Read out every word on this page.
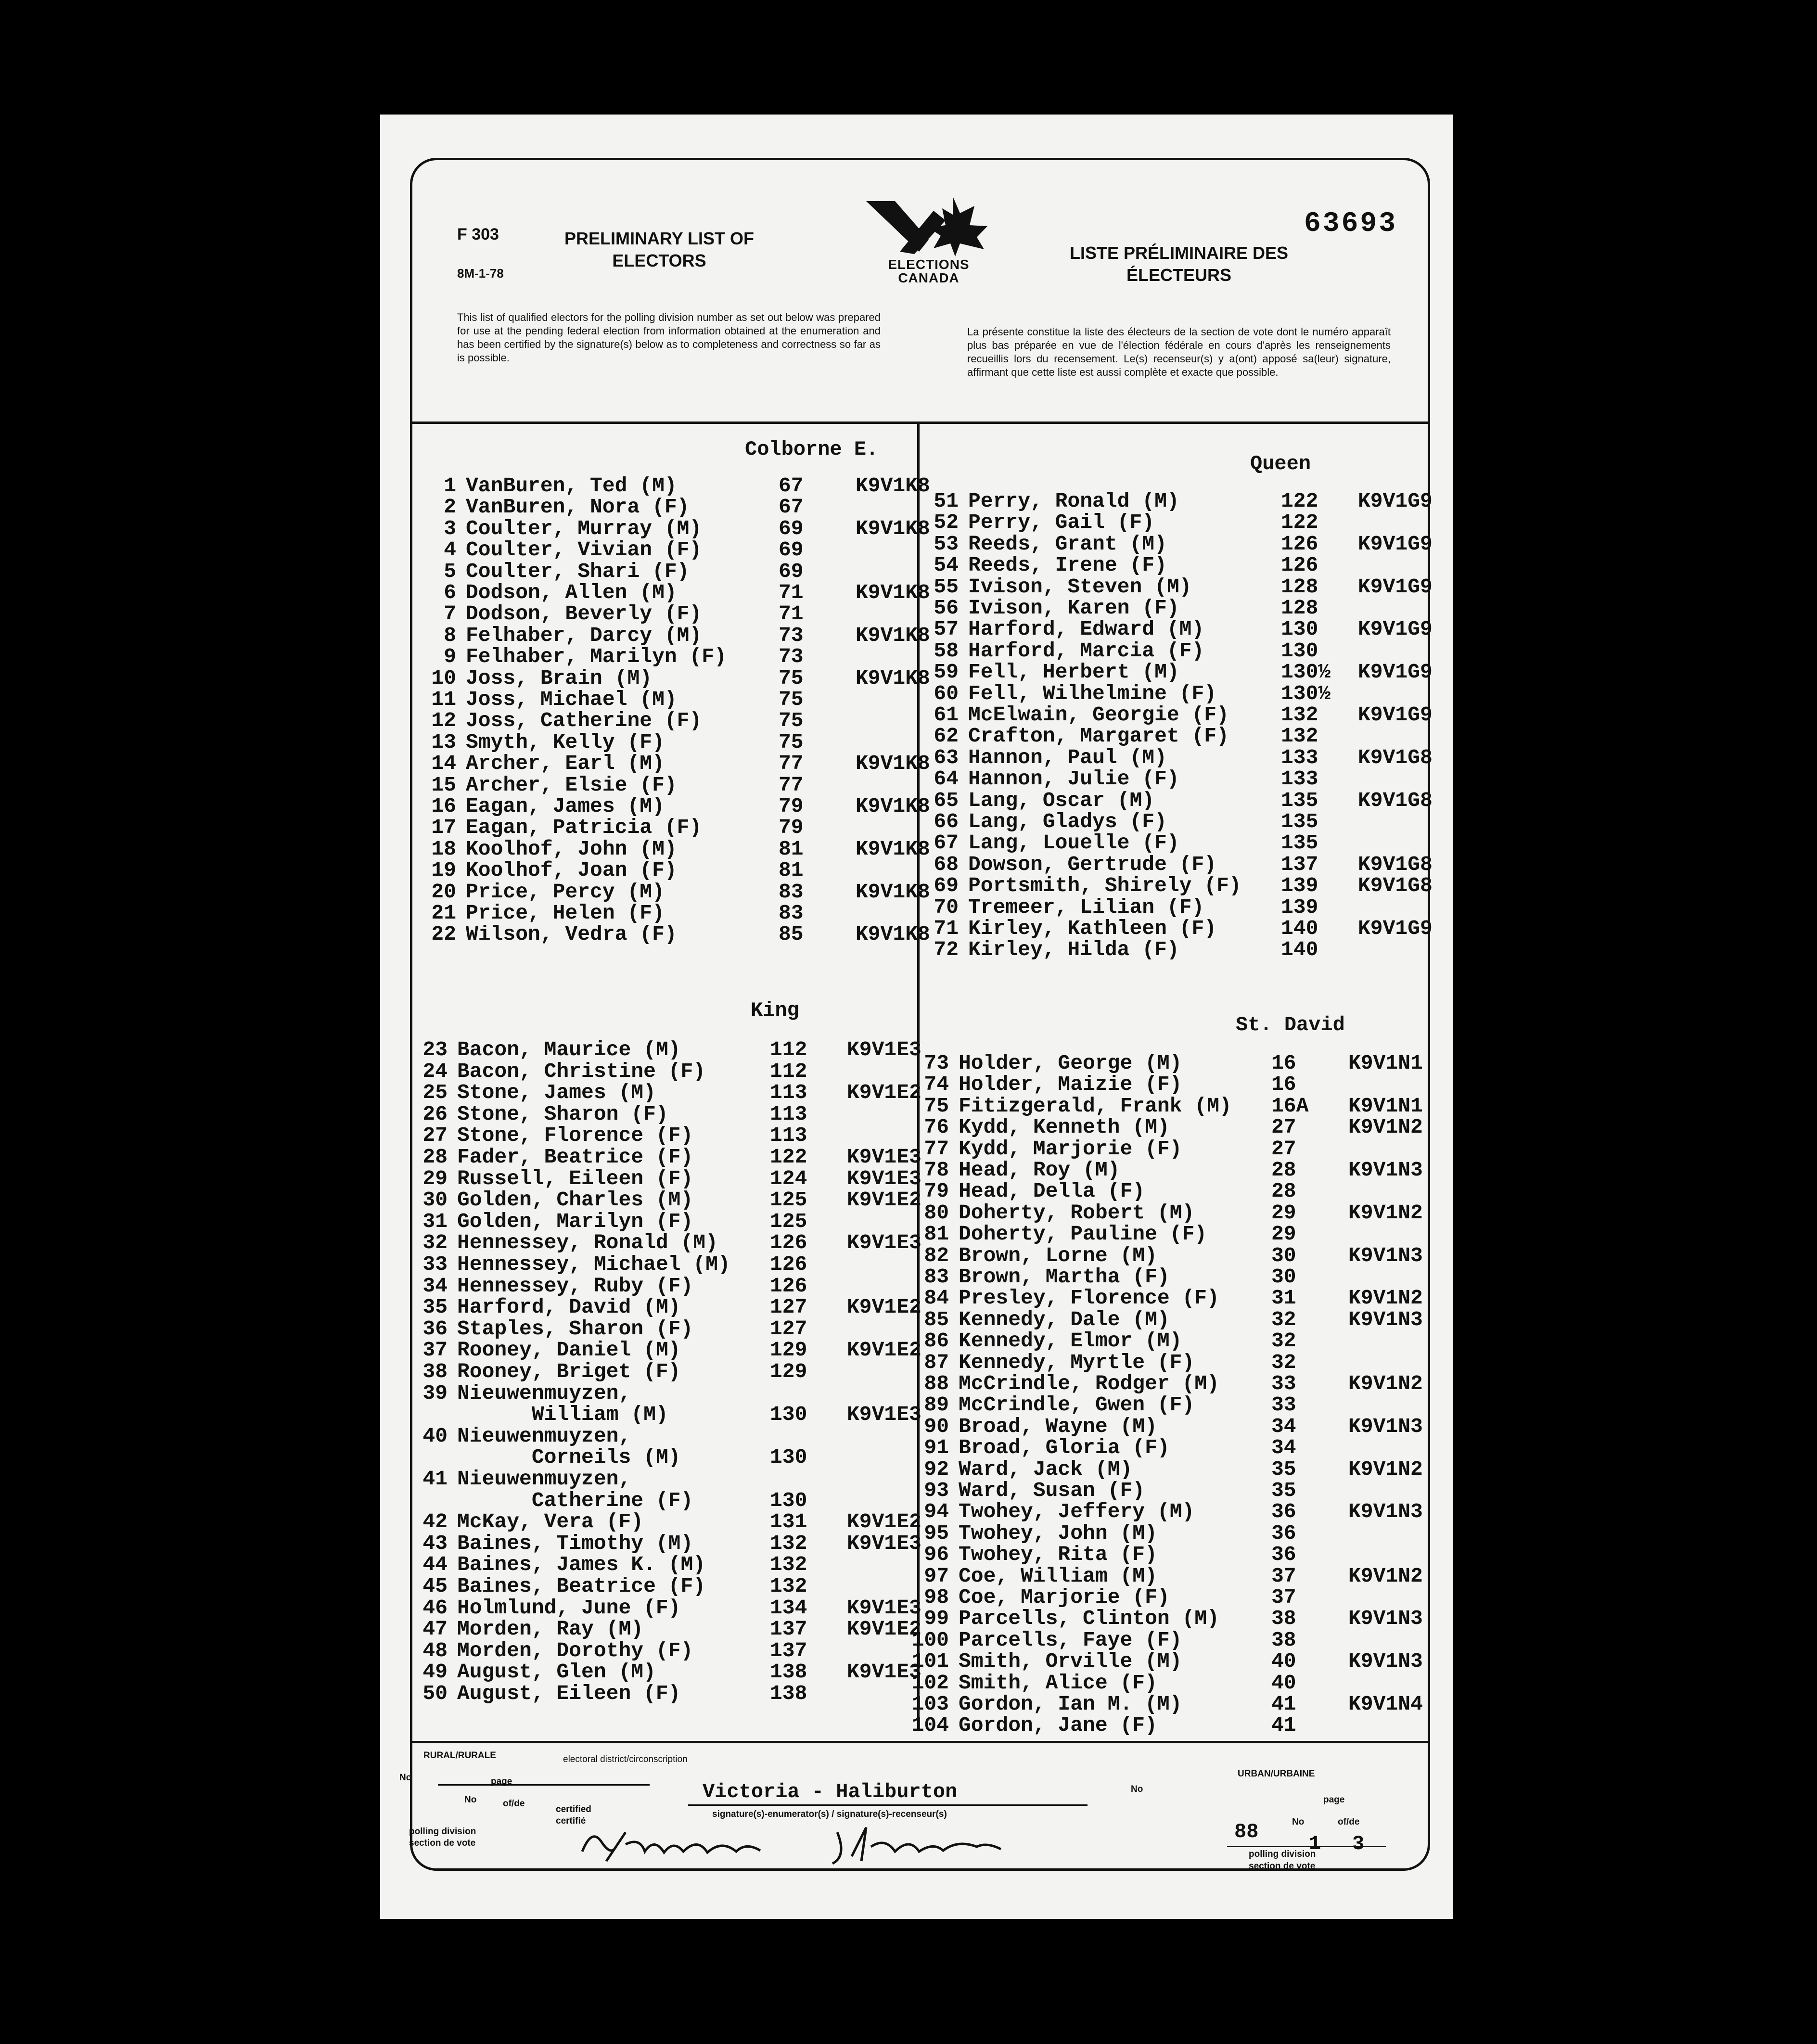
F 303
8M-1-78
PRELIMINARY LIST OF ELECTORS	ELECTIONS CANADA
LISTE PRÉLIMINAIRE DES ÉLECTEURS
63693
This list of qualified electors for the polling division number as set out below was prepared for use at the pending federal election from information obtained at the enumeration and has been certified by the signature(s) below as to completeness and correctness so far as is possible.
La présente constitue la liste des électeurs de la section de vote dont le numéro apparaît plus bas préparée en vue de l'élection fédérale en cours d'après les renseignements recueillis lors du recensement. Le(s) recenseur(s) y a(ont) apposé sa(leur) signature, affirmant que cette liste est aussi complète et exacte que possible.
Colborne E.
Queen
King
St. David
1 VanBuren, Ted (M)	67	K9V1K8
2 VanBuren, Nora (F)	67
3 Coulter, Murray (M)	69	K9V1K8
4 Coulter, Vivian (F)	69
5 Coulter, Shari (F)	69
6 Dodson, Allen (M)	71	K9V1K8
7 Dodson, Beverly (F)	71
8 Felhaber, Darcy (M)	73	K9V1K8
9 Felhaber, Marilyn (F)	73
10 Joss, Brain (M)	75	K9V1K8
11 Joss, Michael (M)	75
12 Joss, Catherine (F)	75
13 Smyth, Kelly (F)	75
14 Archer, Earl (M)	77	K9V1K8
15 Archer, Elsie (F)	77
16 Eagan, James (M)	79	K9V1K8
17 Eagan, Patricia (F)	79
18 Koolhof, John (M)	81	K9V1K8
19 Koolhof, Joan (F)	81
20 Price, Percy (M)	83	K9V1K8
21 Price, Helen (F)	83
22 Wilson, Vedra (F)	85	K9V1K8
23 Bacon, Maurice (M)	112 K9V1E3
24 Bacon, Christine (F)	112
25 Stone, James (M)	113 K9V1E2
26 Stone, Sharon (F)	113
27 Stone, Florence (F)	113
28 Fader, Beatrice (F)	122 K9V1E3
29 Russell, Eileen (F)	124 K9V1E3
30 Golden, Charles (M)	125 K9V1E2
31 Golden, Marilyn (F)	125
32 Hennessey, Ronald (M)	126 K9V1E3
33 Hennessey, Michael (M) 126
34 Hennessey, Ruby (F)	126
35 Harford, David (M)	127 K9V1E2
36 Staples, Sharon (F)	127
37 Rooney, Daniel (M)	129 K9V1E2
38 Rooney, Briget (F)	129
39 Nieuwenmuyzen,
William (M)	130 K9V1E3
40 Nieuwenmuyzen,
Corneils (M)	130
41 Nieuwenmuyzen,
Catherine (F)	130
42 McKay, Vera (F)	131 K9V1E2
43 Baines, Timothy (M)	132 K9V1E3
44 Baines, James K. (M)	132
45 Baines, Beatrice (F)	132
46 Holmlund, June (F)	134 K9V1E3
47 Morden, Ray (M)	137 K9V1E2
48 Morden, Dorothy (F)	137
49 August, Glen (M)	138 K9V1E3
50 August, Eileen (F)	138
51 Perry, Ronald (M)	122 K9V1G9
52 Perry, Gail (F)	122
53 Reeds, Grant (M)	126 K9V1G9
54 Reeds, Irene (F)	126
55 Ivison, Steven (M)	128 K9V1G9
56 Ivison, Karen (F)	128
57 Harford, Edward (M)	130 K9V1G9
58 Harford, Marcia (F)	130
59 Fell, Herbert (M)	130½ K9V1G9
60 Fell, Wilhelmine (F)	130½
61 McElwain, Georgie (F)	132 K9V1G9
62 Crafton, Margaret (F)	132
63 Hannon, Paul (M)	133 K9V1G8
64 Hannon, Julie (F)	133
65 Lang, Oscar (M)	135 K9V1G8
66 Lang, Gladys (F)	135
67 Lang, Louelle (F)	135
68 Dowson, Gertrude (F)	137 K9V1G8
69 Portsmith, Shirely (F) 139 K9V1G8
70 Tremeer, Lilian (F)	139
71 Kirley, Kathleen (F)	140 K9V1G9
72 Kirley, Hilda (F)	140
73 Holder, George (M)	16	K9V1N1
74 Holder, Maizie (F)	16
75 Fitizgerald, Frank (M) 16A K9V1N1
76 Kydd, Kenneth (M)	27	K9V1N2
77 Kydd, Marjorie (F)	27
78 Head, Roy (M)	28	K9V1N3
79 Head, Della (F)	28
80 Doherty, Robert (M)	29	K9V1N2
81 Doherty, Pauline (F)	29
82 Brown, Lorne (M)	30	K9V1N3
83 Brown, Martha (F)	30
84 Presley, Florence (F)	31	K9V1N2
85 Kennedy, Dale (M)	32	K9V1N3
86 Kennedy, Elmor (M)	32
87 Kennedy, Myrtle (F)	32
88 McCrindle, Rodger (M)	33	K9V1N2
89 McCrindle, Gwen (F)	33
90 Broad, Wayne (M)	34	K9V1N3
91 Broad, Gloria (F)	34
92 Ward, Jack (M)	35	K9V1N2
93 Ward, Susan (F)	35
94 Twohey, Jeffery (M)	36	K9V1N3
95 Twohey, John (M)	36
96 Twohey, Rita (F)	36
97 Coe, William (M)	37	K9V1N2
98 Coe, Marjorie (F)	37
99 Parcells, Clinton (M)	38	K9V1N3
100 Parcells, Faye (F)	38
101 Smith, Orville (M)	40	K9V1N3
102 Smith, Alice (F)	40
103 Gordon, Ian M. (M)	41	K9V1N4
104 Gordon, Jane (F)	41
RURAL/RURALE	electoral district/circonscription
No	page
No	of/de
certified
certifié
polling division
section de vote
Victoria - Haliburton
signature(s)-enumerator(s) / signature(s)-recenseur(s)
URBAN/URBAINE
No
page
No	of/de
88
1 3
polling division
section de vote
